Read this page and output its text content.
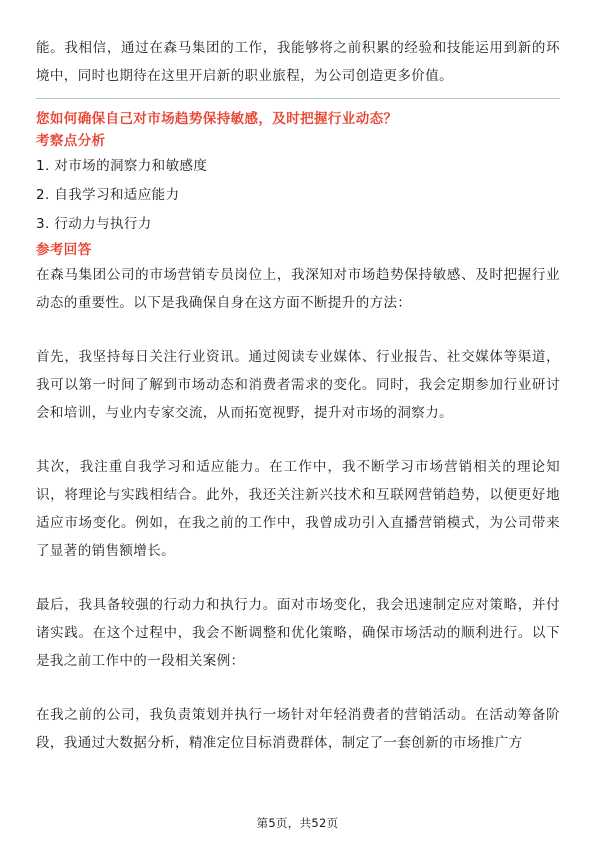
能。我相信，通过在森马集团的工作，我能够将之前积累的经验和技能运用到新的环境中，同时也期待在这里开启新的职业旅程，为公司创造更多价值。

您如何确保自己对市场趋势保持敏感，及时把握行业动态？

考察点分析

1. 对市场的洞察力和敏感度
2. 自我学习和适应能力
3. 行动力与执行力

参考回答

在森马集团公司的市场营销专员岗位上，我深知对市场趋势保持敏感、及时把握行业动态的重要性。以下是我确保自身在这方面不断提升的方法：

首先，我坚持每日关注行业资讯。通过阅读专业媒体、行业报告、社交媒体等渠道，我可以第一时间了解到市场动态和消费者需求的变化。同时，我会定期参加行业研讨会和培训，与业内专家交流，从而拓宽视野，提升对市场的洞察力。

其次，我注重自我学习和适应能力。在工作中，我不断学习市场营销相关的理论知识，将理论与实践相结合。此外，我还关注新兴技术和互联网营销趋势，以便更好地适应市场变化。例如，在我之前的工作中，我曾成功引入直播营销模式，为公司带来了显著的销售额增长。

最后，我具备较强的行动力和执行力。面对市场变化，我会迅速制定应对策略，并付诸实践。在这个过程中，我会不断调整和优化策略，确保市场活动的顺利进行。以下是我之前工作中的一段相关案例：

在我之前的公司，我负责策划并执行一场针对年轻消费者的营销活动。在活动筹备阶段，我通过大数据分析，精准定位目标消费群体，制定了一套创新的市场推广方

第5页，共52页
